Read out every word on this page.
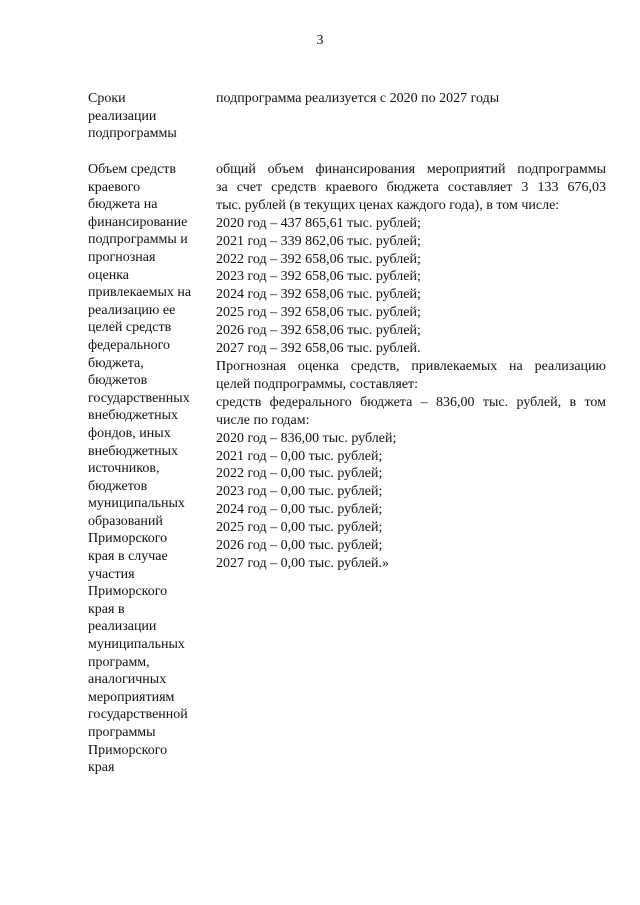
3
Сроки
реализации
подпрограммы
подпрограмма реализуется с 2020 по 2027 годы
Объем средств
краевого
бюджета на
финансирование
подпрограммы и
прогнозная
оценка
привлекаемых на
реализацию ее
целей средств
федерального
бюджета,
бюджетов
государственных
внебюджетных
фондов, иных
внебюджетных
источников,
бюджетов
муниципальных
образований
Приморского
края в случае
участия
Приморского
края в
реализации
муниципальных
программ,
аналогичных
мероприятиям
государственной
программы
Приморского
края
общий объем финансирования мероприятий подпрограммы
за счет средств краевого бюджета составляет 3 133 676,03
тыс. рублей (в текущих ценах каждого года), в том числе:
2020 год – 437 865,61 тыс. рублей;
2021 год – 339 862,06 тыс. рублей;
2022 год – 392 658,06 тыс. рублей;
2023 год – 392 658,06 тыс. рублей;
2024 год – 392 658,06 тыс. рублей;
2025 год – 392 658,06 тыс. рублей;
2026 год – 392 658,06 тыс. рублей;
2027 год – 392 658,06 тыс. рублей.
Прогнозная оценка средств, привлекаемых на реализацию
целей подпрограммы, составляет:
средств федерального бюджета – 836,00 тыс. рублей, в том
числе по годам:
2020 год – 836,00 тыс. рублей;
2021 год – 0,00 тыс. рублей;
2022 год – 0,00 тыс. рублей;
2023 год – 0,00 тыс. рублей;
2024 год – 0,00 тыс. рублей;
2025 год – 0,00 тыс. рублей;
2026 год – 0,00 тыс. рублей;
2027 год – 0,00 тыс. рублей.»
